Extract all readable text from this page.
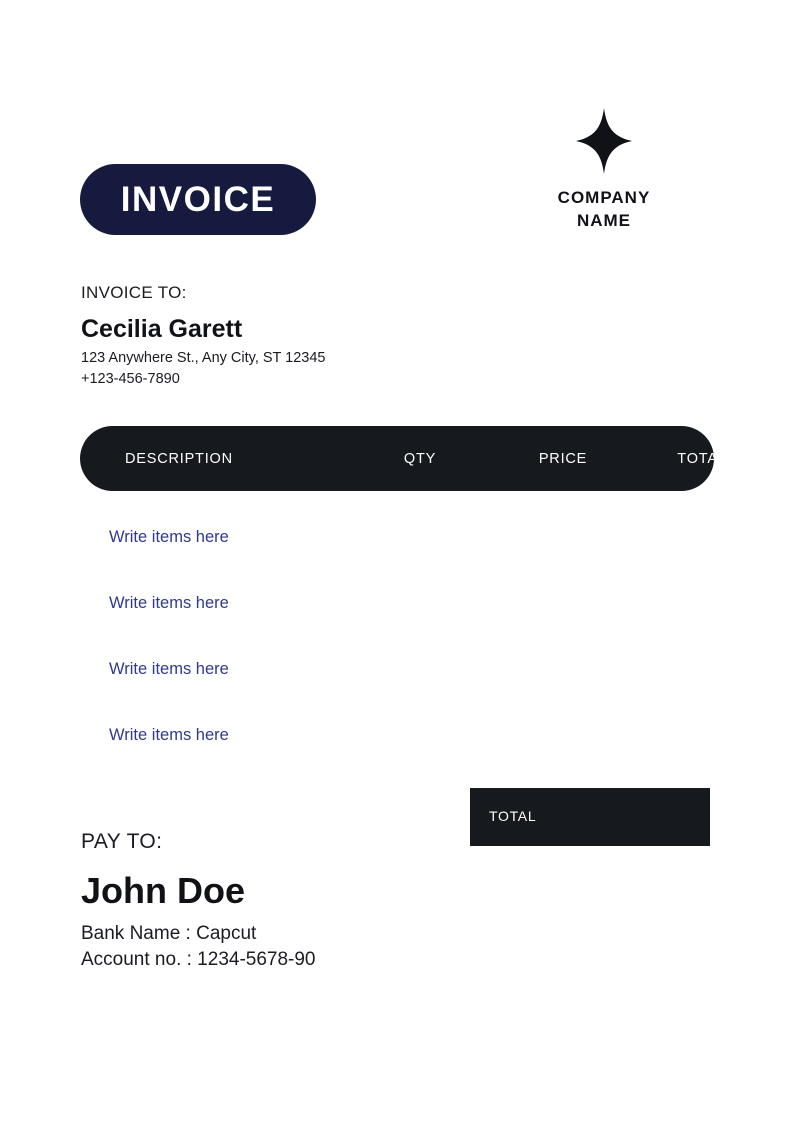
INVOICE	COMPANY
NAME
INVOICE TO:
Cecilia Garett
123 Anywhere St., Any City, ST 12345
+123-456-7890
DESCRIPTION	QTY	PRICE	TOTAL
Write items here
Write items here
Write items here
Write items here
TOTAL
PAY TO:
John Doe
Bank Name : Capcut
Account no. : 1234-5678-90
